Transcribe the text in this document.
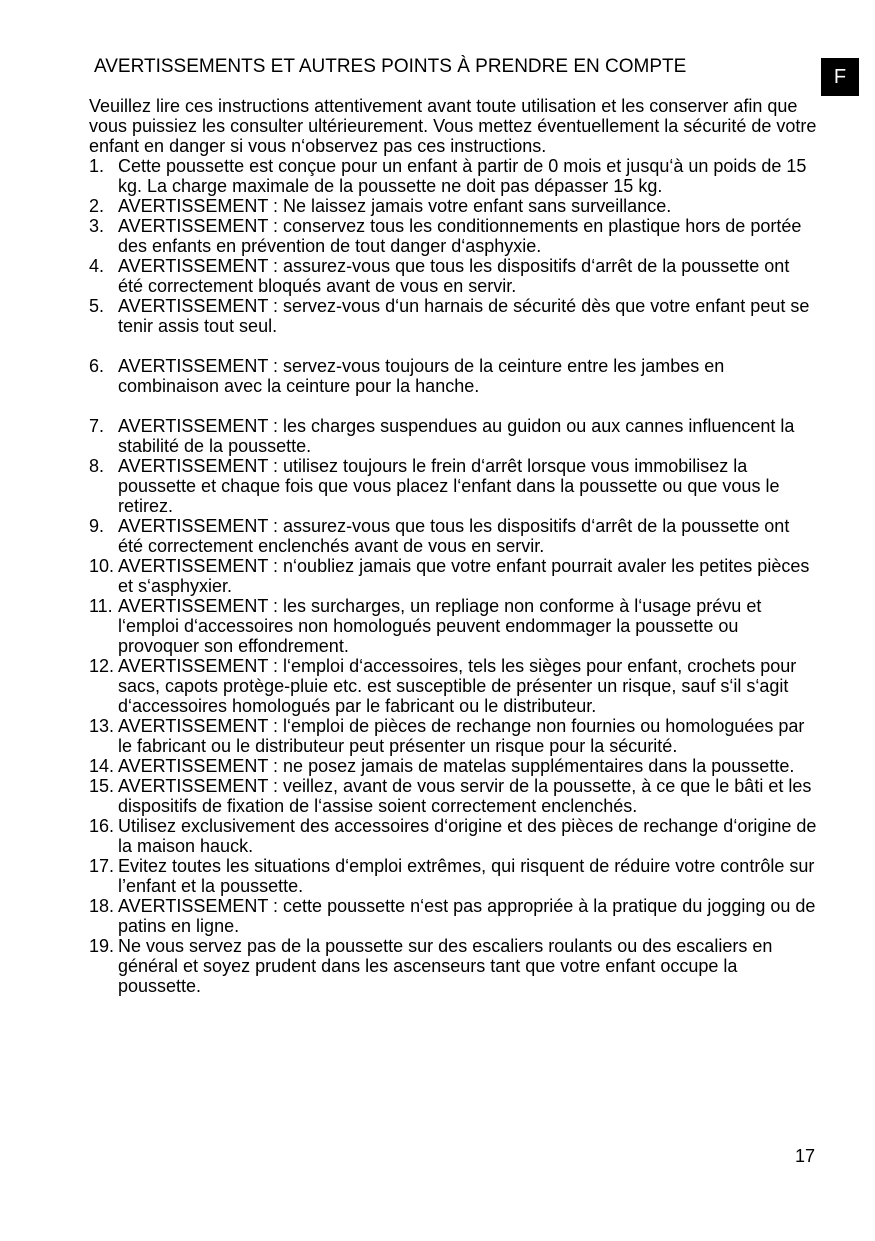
AVERTISSEMENTS ET AUTRES POINTS À PRENDRE EN COMPTE	F

Veuillez lire ces instructions attentivement avant toute utilisation et les conserver afin que vous puissiez les consulter ultérieurement. Vous mettez éventuellement la sécurité de votre enfant en danger si vous n‘observez pas ces instructions.

1. Cette poussette est conçue pour un enfant à partir de 0 mois et jusqu‘à un poids de 15 kg. La charge maximale de la poussette ne doit pas dépasser 15 kg.
2. AVERTISSEMENT : Ne laissez jamais votre enfant sans surveillance.
3. AVERTISSEMENT : conservez tous les conditionnements en plastique hors de portée des enfants en prévention de tout danger d‘asphyxie.
4. AVERTISSEMENT : assurez-vous que tous les dispositifs d‘arrêt de la poussette ont été correctement bloqués avant de vous en servir.
5. AVERTISSEMENT : servez-vous d‘un harnais de sécurité dès que votre enfant peut se tenir assis tout seul.
6. AVERTISSEMENT : servez-vous toujours de la ceinture entre les jambes en combinaison avec la ceinture pour la hanche.
7. AVERTISSEMENT : les charges suspendues au guidon ou aux cannes influencent la stabilité de la poussette.
8. AVERTISSEMENT : utilisez toujours le frein d‘arrêt lorsque vous immobilisez la poussette et chaque fois que vous placez l‘enfant dans la poussette ou que vous le retirez.
9. AVERTISSEMENT : assurez-vous que tous les dispositifs d‘arrêt de la poussette ont été correctement enclenchés avant de vous en servir.
10. AVERTISSEMENT : n‘oubliez jamais que votre enfant pourrait avaler les petites pièces et s‘asphyxier.
11. AVERTISSEMENT : les surcharges, un repliage non conforme à l‘usage prévu et l‘emploi d‘accessoires non homologués peuvent endommager la poussette ou provoquer son effondrement.
12. AVERTISSEMENT : l‘emploi d‘accessoires, tels les sièges pour enfant, crochets pour sacs, capots protège-pluie etc. est susceptible de présenter un risque, sauf s‘il s‘agit d‘accessoires homologués par le fabricant ou le distributeur.
13. AVERTISSEMENT : l‘emploi de pièces de rechange non fournies ou homologuées par le fabricant ou le distributeur peut présenter un risque pour la sécurité.
14. AVERTISSEMENT : ne posez jamais de matelas supplémentaires dans la poussette.
15. AVERTISSEMENT : veillez, avant de vous servir de la poussette, à ce que le bâti et les dispositifs de fixation de l‘assise soient correctement enclenchés.
16. Utilisez exclusivement des accessoires d‘origine et des pièces de rechange d‘origine de la maison hauck.
17. Evitez toutes les situations d‘emploi extrêmes, qui risquent de réduire votre contrôle sur l’enfant et la poussette.
18. AVERTISSEMENT : cette poussette n‘est pas appropriée à la pratique du jogging ou de patins en ligne.
19. Ne vous servez pas de la poussette sur des escaliers roulants ou des escaliers en général et soyez prudent dans les ascenseurs tant que votre enfant occupe la poussette.
17
